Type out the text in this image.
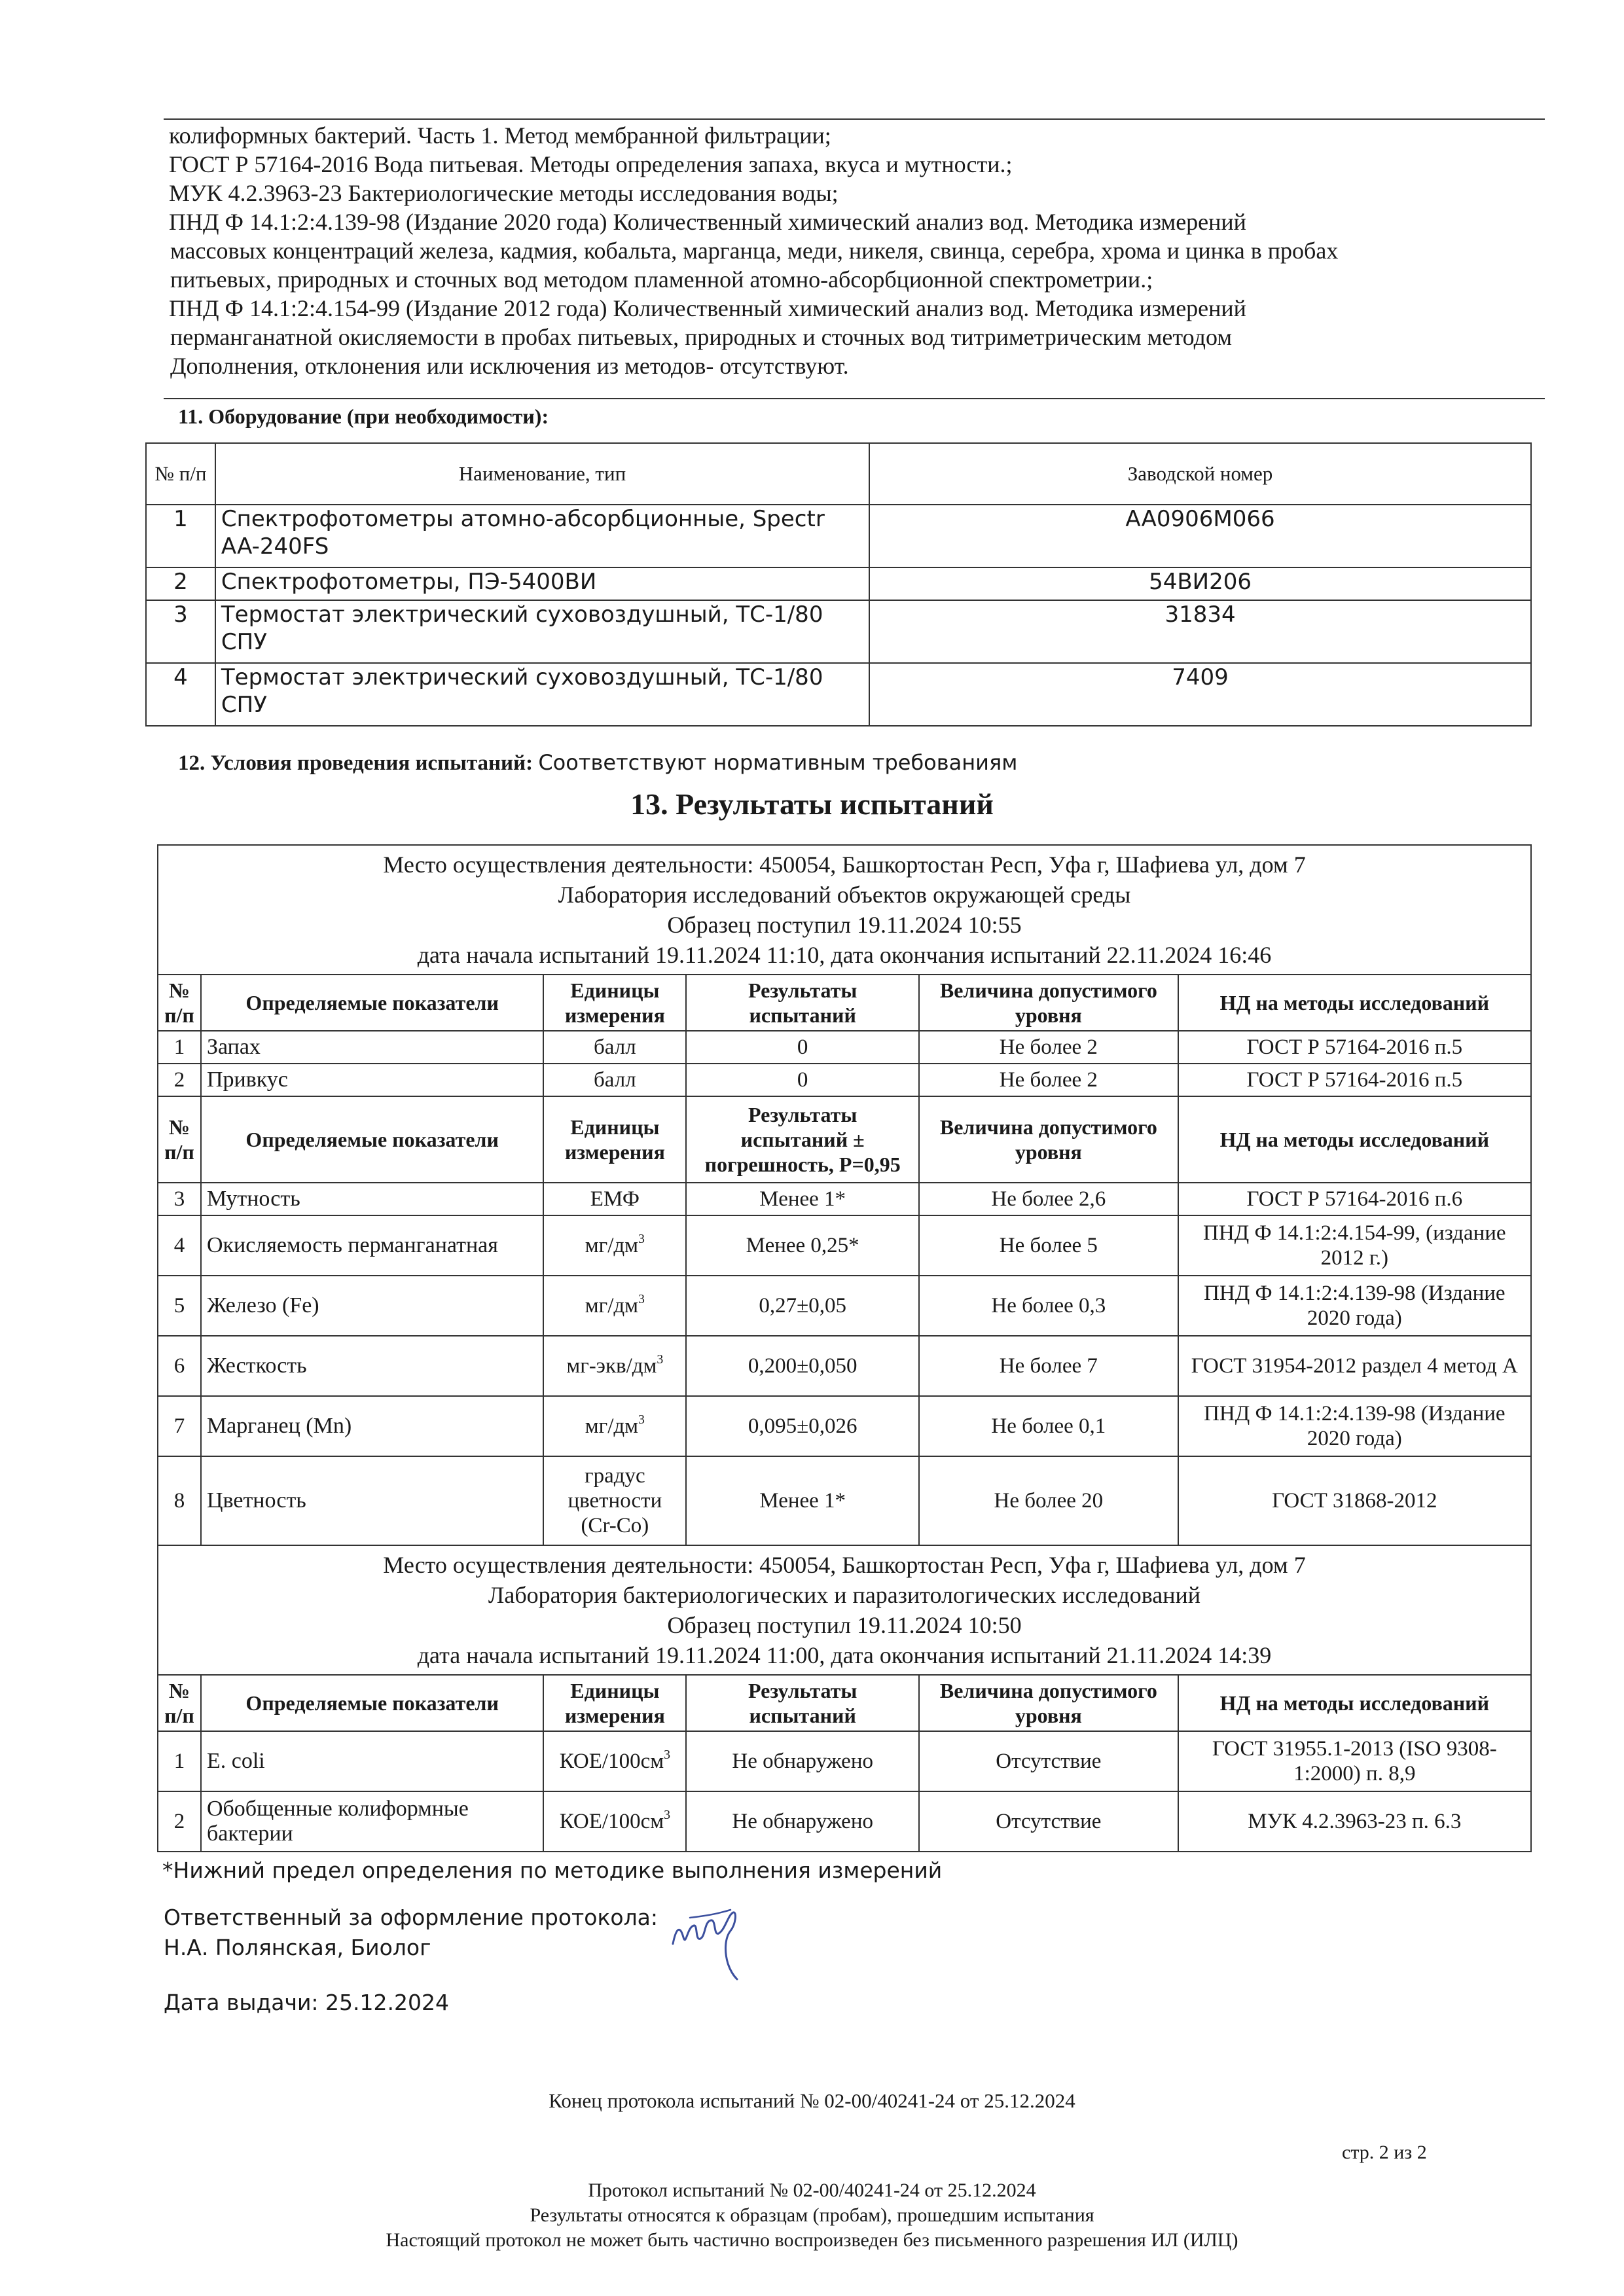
колиформных бактерий. Часть 1. Метод мембранной фильтрации;
ГОСТ Р 57164-2016 Вода питьевая. Методы определения запаха, вкуса и мутности.;
МУК 4.2.3963-23 Бактериологические методы исследования воды;
ПНД Ф 14.1:2:4.139-98 (Издание 2020 года) Количественный химический анализ вод. Методика измерений
массовых концентраций железа, кадмия, кобальта, марганца, меди, никеля, свинца, серебра, хрома и цинка в пробах
питьевых, природных и сточных вод методом пламенной атомно-абсорбционной спектрометрии.;
ПНД Ф 14.1:2:4.154-99 (Издание 2012 года) Количественный химический анализ вод. Методика измерений
перманганатной окисляемости в пробах питьевых, природных и сточных вод титриметрическим методом
Дополнения, отклонения или исключения из методов- отсутствуют.
11. Оборудование (при необходимости):
№ п/п	Наименование, тип	Заводской номер
1	Спектрофотометры атомно-абсорбционные, Spectr AA-240FS	AA0906M066
2	Спектрофотометры, ПЭ-5400ВИ	54ВИ206
3	Термостат электрический суховоздушный, ТС-1/80 СПУ	31834
4	Термостат электрический суховоздушный, ТС-1/80 СПУ	7409
12. Условия проведения испытаний: Соответствуют нормативным требованиям
13. Результаты испытаний
Место осуществления деятельности: 450054, Башкортостан Респ, Уфа г, Шафиева ул, дом 7
Лаборатория исследований объектов окружающей среды
Образец поступил 19.11.2024 10:55
дата начала испытаний 19.11.2024 11:10, дата окончания испытаний 22.11.2024 16:46					

№ п/п	Определяемые показатели	Единицы измерения	Результаты испытаний	Величина допустимого уровня	НД на методы исследований
1	Запах	балл	0	Не более 2	ГОСТ Р 57164-2016 п.5
2	Привкус	балл	0	Не более 2	ГОСТ Р 57164-2016 п.5
№ п/п	Определяемые показатели	Единицы измерения	Результаты испытаний ± погрешность, Р=0,95	Величина допустимого уровня	НД на методы исследований
3	Мутность	ЕМФ	Менее 1*	Не более 2,6	ГОСТ Р 57164-2016 п.6
4	Окисляемость перманганатная	$мг/дм^3$	Менее 0,25*	Не более 5	ПНД Ф 14.1:2:4.154-99, (издание 2012 г.)
5	Железо (Fe)	$мг/дм^3$	0,27±0,05	Не более 0,3	ПНД Ф 14.1:2:4.139-98 (Издание 2020 года)
6	Жесткость	$мг-экв/дм^3$	0,200±0,050	Не более 7	ГОСТ 31954-2012 раздел 4 метод А
7	Марганец (Mn)	$мг/дм^3$	0,095±0,026	Не более 0,1	ПНД Ф 14.1:2:4.139-98 (Издание 2020 года)
8	Цветность	градус цветности (Cr-Co)	Менее 1*	Не более 20	ГОСТ 31868-2012

Место осуществления деятельности: 450054, Башкортостан Респ, Уфа г, Шафиева ул, дом 7
Лаборатория бактериологических и паразитологических исследований
Образец поступил 19.11.2024 10:50
дата начала испытаний 19.11.2024 11:00, дата окончания испытаний 21.11.2024 14:39					

№ п/п	Определяемые показатели	Единицы измерения	Результаты испытаний	Величина допустимого уровня	НД на методы исследований
1	E. coli	КОЕ/$100см^3$	Не обнаружено	Отсутствие	ГОСТ 31955.1-2013 (ISO 9308-1:2000) п. 8,9
2	Обобщенные колиформные бактерии	КОЕ/$100см^3$	Не обнаружено	Отсутствие	МУК 4.2.3963-23 п. 6.3
*Нижний предел определения по методике выполнения измерений
Ответственный за оформление протокола:
Н.А. Полянская, Биолог
Дата выдачи: 25.12.2024
Конец протокола испытаний № 02-00/40241-24 от 25.12.2024
стр. 2 из 2
Протокол испытаний № 02-00/40241-24 от 25.12.2024
Результаты относятся к образцам (пробам), прошедшим испытания
Настоящий протокол не может быть частично воспроизведен без письменного разрешения ИЛ (ИЛЦ)
